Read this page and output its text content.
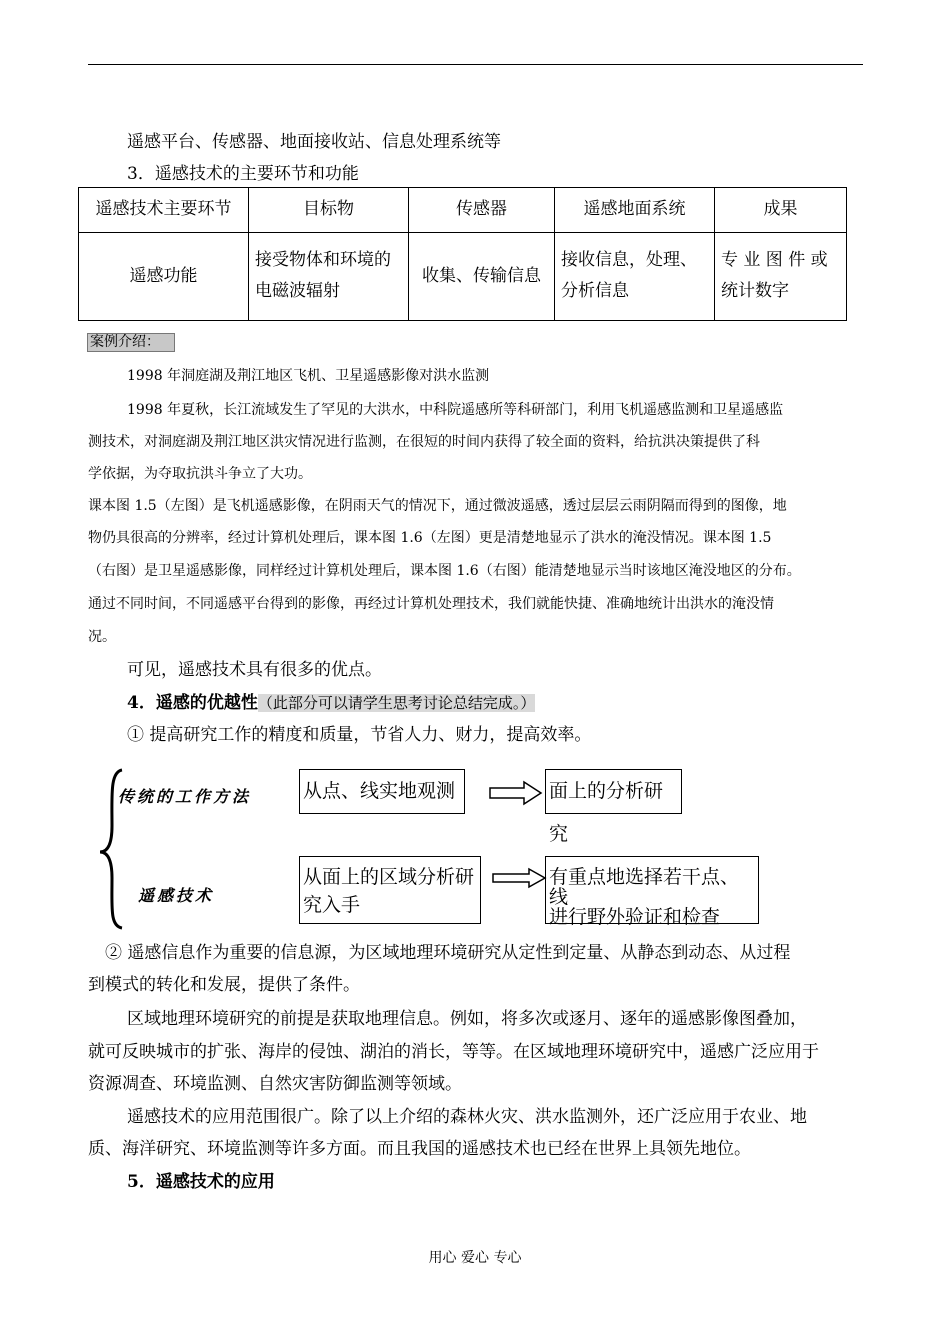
遥感平台、传感器、地面接收站、信息处理系统等
3．遥感技术的主要环节和功能
遥感技术主要环节	目标物	传感器	遥感地面系统	成果
遥感功能	接受物体和环境的电磁波辐射	收集、传输信息	接收信息，处理、分析信息	专 业 图 件 或统计数字
案例介绍：
1998 年洞庭湖及荆江地区飞机、卫星遥感影像对洪水监测
1998 年夏秋，长江流域发生了罕见的大洪水，中科院遥感所等科研部门，利用飞机遥感监测和卫星遥感监
测技术，对洞庭湖及荆江地区洪灾情况进行监测，在很短的时间内获得了较全面的资料，给抗洪决策提供了科
学依据，为夺取抗洪斗争立了大功。
课本图 1.5（左图）是飞机遥感影像，在阴雨天气的情况下，通过微波遥感，透过层层云雨阴隔而得到的图像，地
物仍具很高的分辨率，经过计算机处理后，课本图 1.6（左图）更是清楚地显示了洪水的淹没情况。课本图 1.5
（右图）是卫星遥感影像，同样经过计算机处理后，课本图 1.6（右图）能清楚地显示当时该地区淹没地区的分布。
通过不同时间，不同遥感平台得到的影像，再经过计算机处理技术，我们就能快捷、准确地统计出洪水的淹没情
况。
可见，遥感技术具有很多的优点。
4．遥感的优越性（此部分可以请学生思考讨论总结完成。）
① 提高研究工作的精度和质量，节省人力、财力，提高效率。
传统的工作方法
遥感技术
从点、线实地观测	面上的分析研究
从面上的区域分析研究入手
有重点地选择若干点、线
进行野外验证和检查
② 遥感信息作为重要的信息源，为区域地理环境研究从定性到定量、从静态到动态、从过程
到模式的转化和发展，提供了条件。
区域地理环境研究的前提是获取地理信息。例如，将多次或逐月、逐年的遥感影像图叠加，
就可反映城市的扩张、海岸的侵蚀、湖泊的消长，等等。在区域地理环境研究中，遥感广泛应用于
资源凋查、环境监测、自然灾害防御监测等领域。
遥感技术的应用范围很广。除了以上介绍的森林火灾、洪水监测外，还广泛应用于农业、地
质、海洋研究、环境监测等许多方面。而且我国的遥感技术也已经在世界上具领先地位。
5．遥感技术的应用
用心 爱心 专心
